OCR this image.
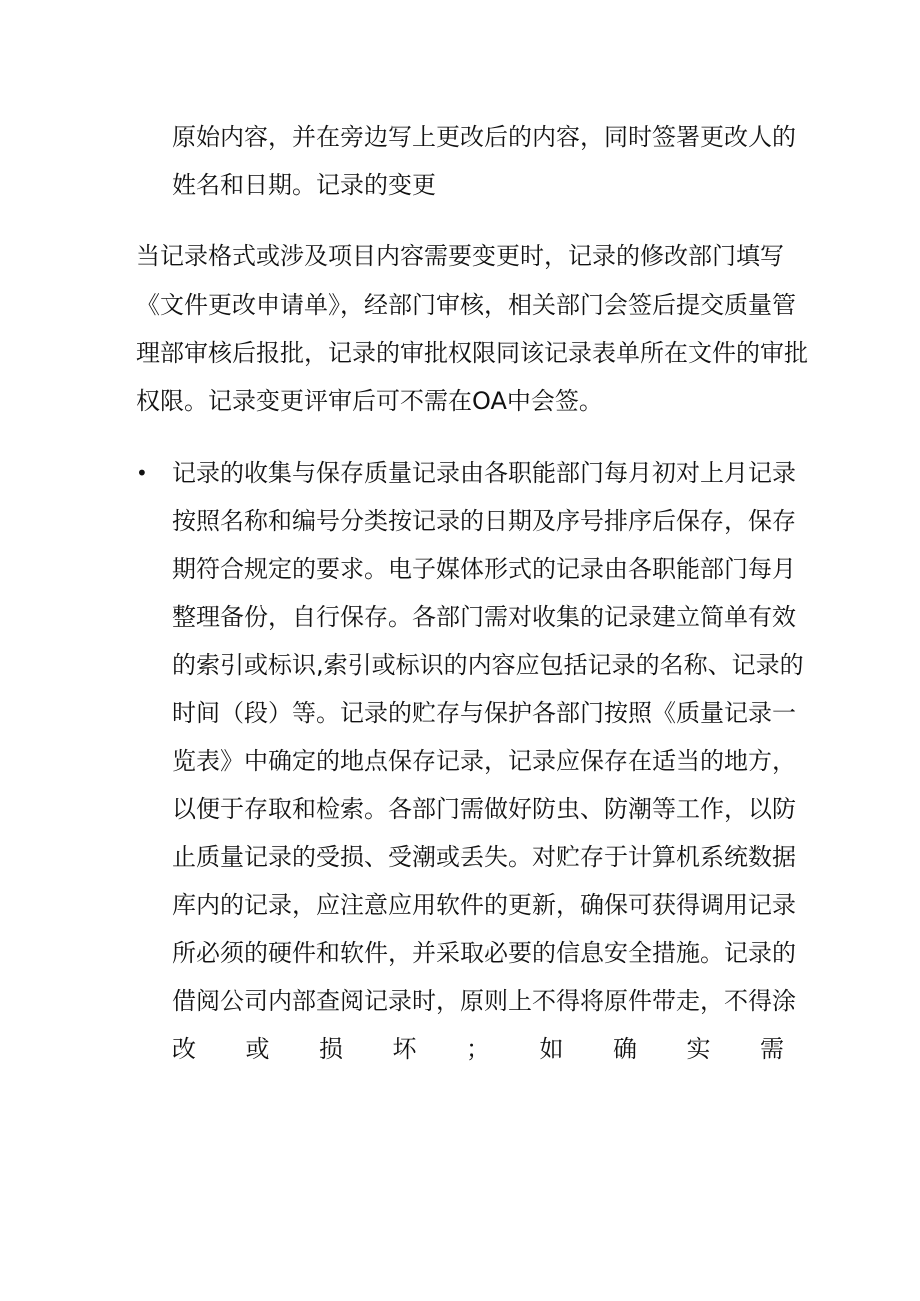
原始内容，并在旁边写上更改后的内容，同时签署更改人的
姓名和日期。记录的变更
当记录格式或涉及项目内容需要变更时，记录的修改部门填写
《文件更改申请单》，经部门审核，相关部门会签后提交质量管
理部审核后报批，记录的审批权限同该记录表单所在文件的审批
权限。记录变更评审后可不需在OA中会签。
• 记录的收集与保存质量记录由各职能部门每月初对上月记录
按照名称和编号分类按记录的日期及序号排序后保存，保存
期符合规定的要求。电子媒体形式的记录由各职能部门每月
整理备份，自行保存。各部门需对收集的记录建立简单有效
的索引或标识,索引或标识的内容应包括记录的名称、记录的
时间（段）等。记录的贮存与保护各部门按照《质量记录一
览表》中确定的地点保存记录，记录应保存在适当的地方，
以便于存取和检索。各部门需做好防虫、防潮等工作，以防
止质量记录的受损、受潮或丢失。对贮存于计算机系统数据
库内的记录，应注意应用软件的更新，确保可获得调用记录
所必须的硬件和软件，并采取必要的信息安全措施。记录的
借阅公司内部查阅记录时，原则上不得将原件带走，不得涂
改 或 损 坏 ； 如 确 实 需
